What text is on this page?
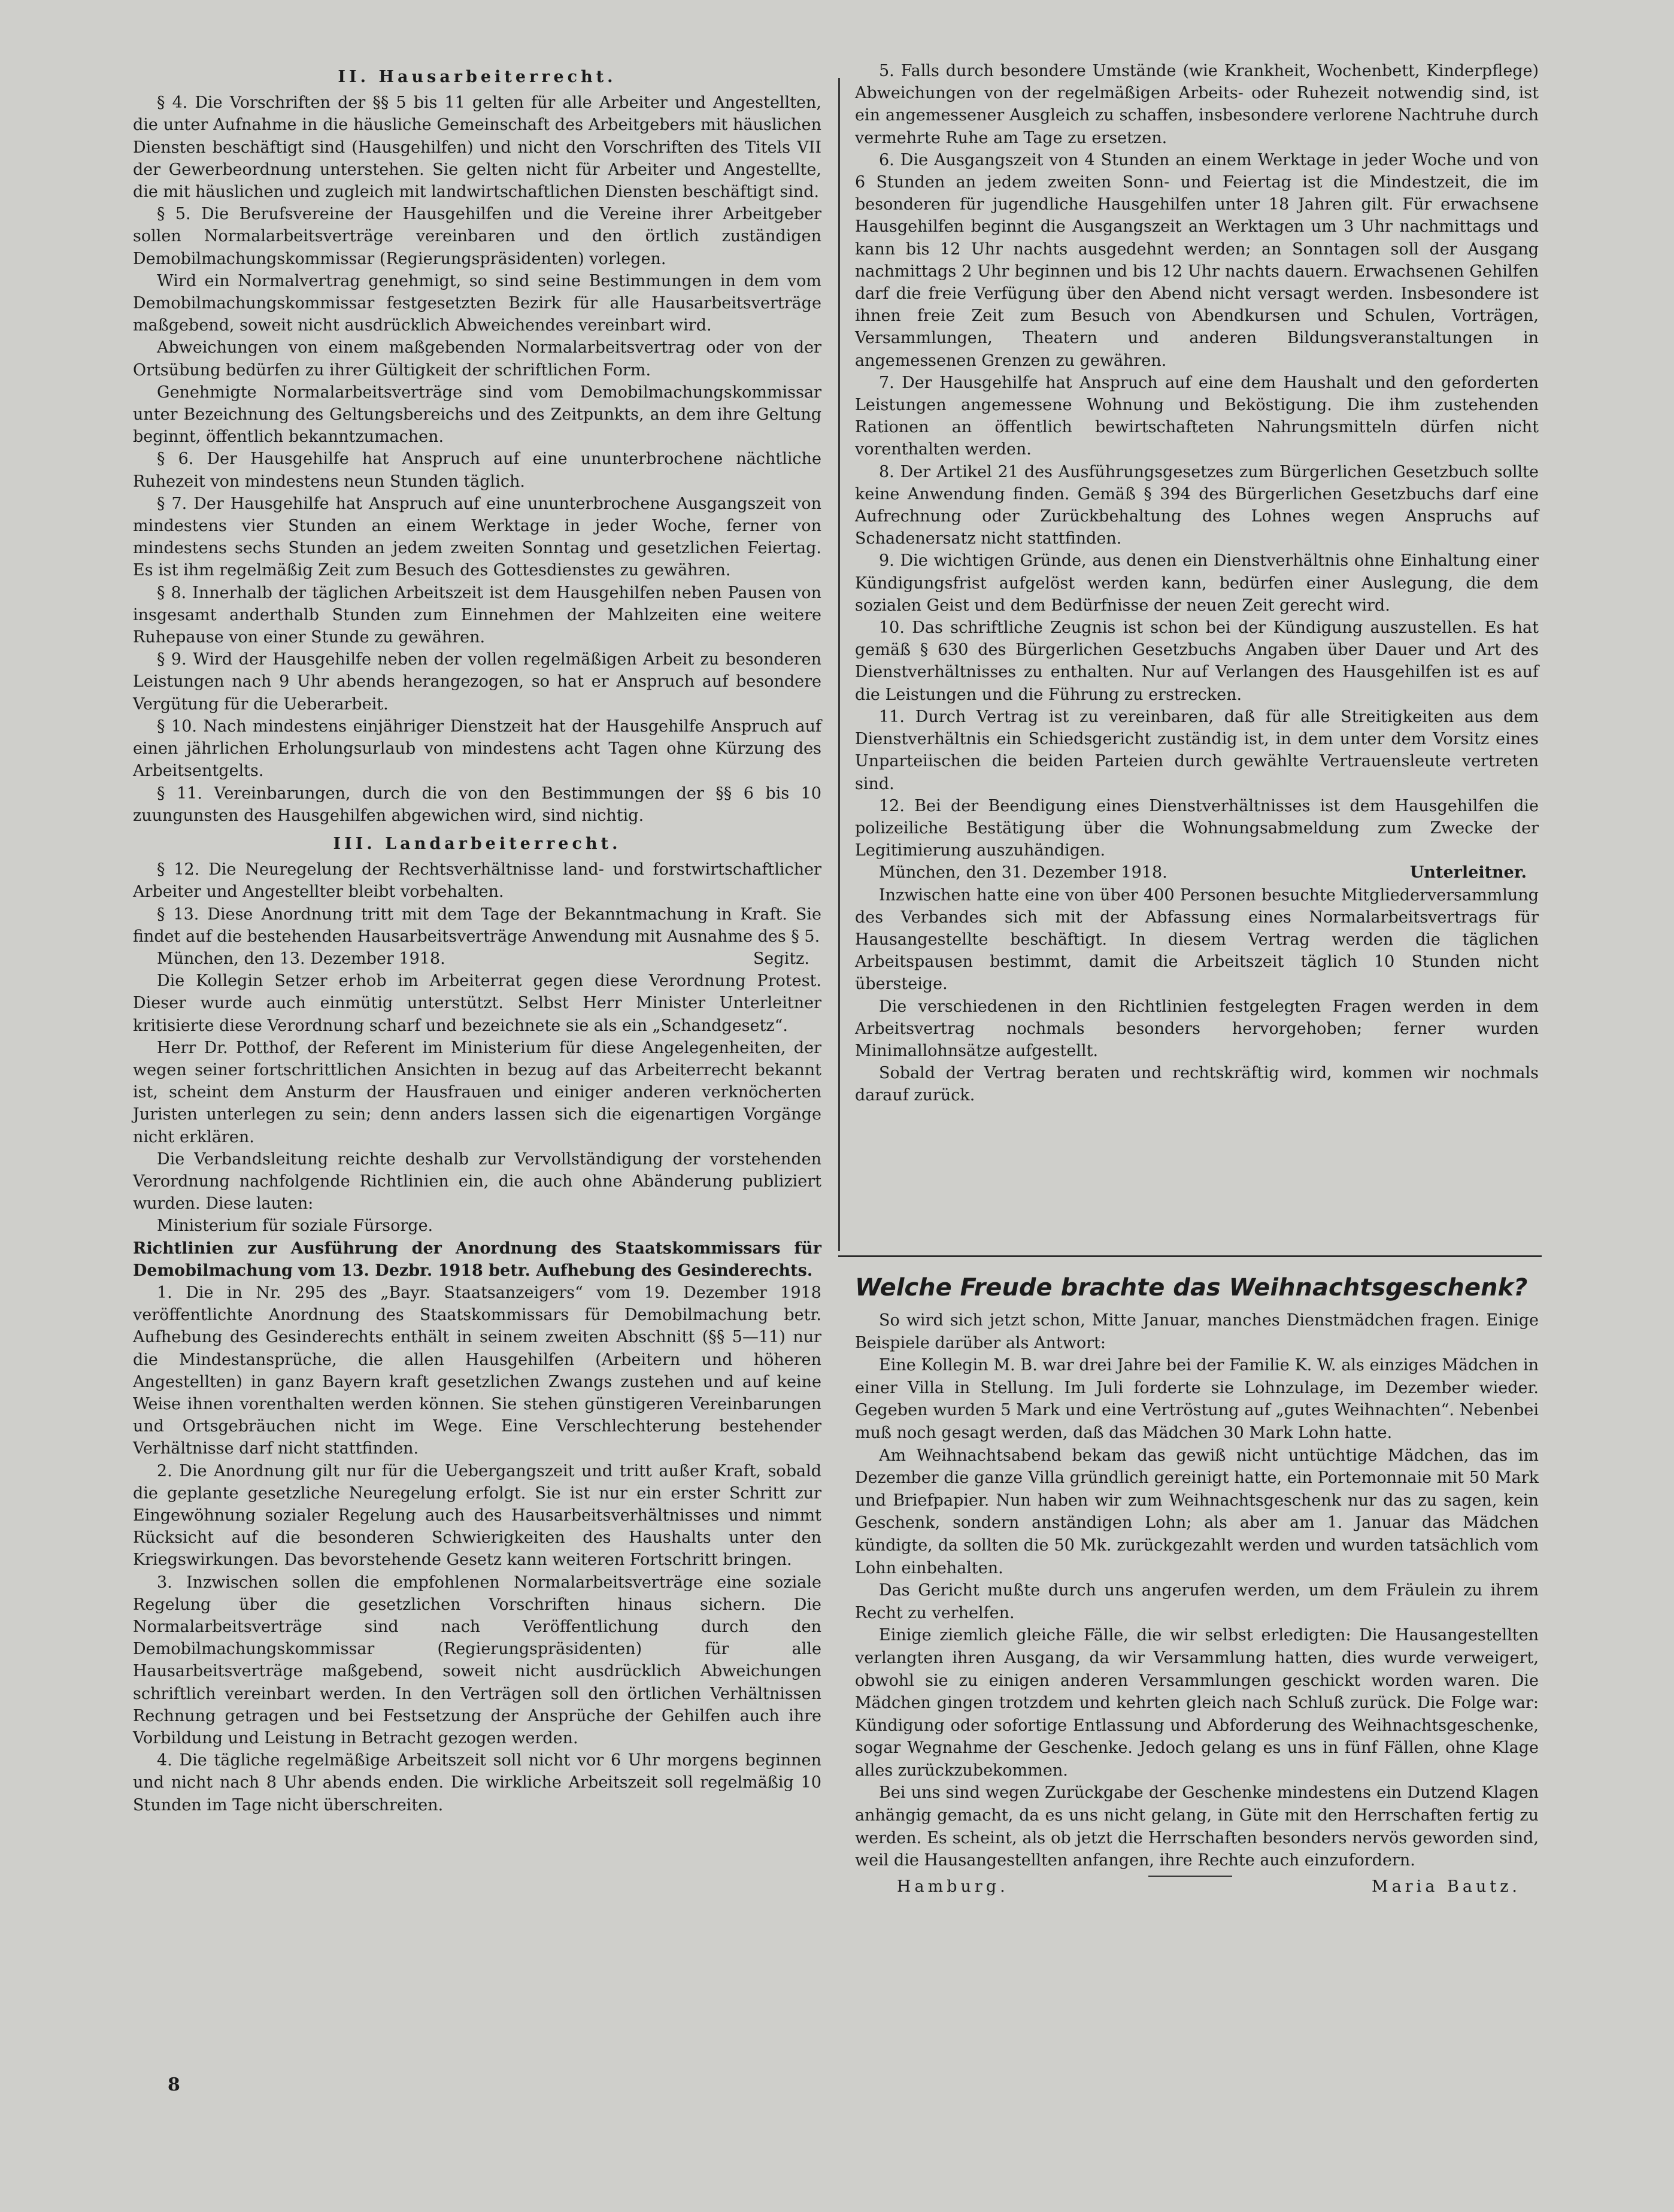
II. Hausarbeiterrecht.

§ 4. Die Vorschriften der §§ 5 bis 11 gelten für alle Arbeiter und Angestellten, die unter Aufnahme in die häusliche Gemeinschaft des Arbeitgebers mit häuslichen Diensten beschäftigt sind (Hausgehilfen) und nicht den Vorschriften des Titels VII der Gewerbeordnung unterstehen. Sie gelten nicht für Arbeiter und Angestellte, die mit häuslichen und zugleich mit landwirtschaftlichen Diensten beschäftigt sind.

§ 5. Die Berufsvereine der Hausgehilfen und die Vereine ihrer Arbeitgeber sollen Normalarbeitsverträge vereinbaren und den örtlich zuständigen Demobilmachungskommissar (Regierungspräsidenten) vorlegen.

Wird ein Normalvertrag genehmigt, so sind seine Bestimmungen in dem vom Demobilmachungskommissar festgesetzten Bezirk für alle Hausarbeitsverträge maßgebend, soweit nicht ausdrücklich Abweichendes vereinbart wird.

Abweichungen von einem maßgebenden Normalarbeitsvertrag oder von der Ortsübung bedürfen zu ihrer Gültigkeit der schriftlichen Form.

Genehmigte Normalarbeitsverträge sind vom Demobilmachungskommissar unter Bezeichnung des Geltungsbereichs und des Zeitpunkts, an dem ihre Geltung beginnt, öffentlich bekanntzumachen.

§ 6. Der Hausgehilfe hat Anspruch auf eine ununterbrochene nächtliche Ruhezeit von mindestens neun Stunden täglich.

§ 7. Der Hausgehilfe hat Anspruch auf eine ununterbrochene Ausgangszeit von mindestens vier Stunden an einem Werktage in jeder Woche, ferner von mindestens sechs Stunden an jedem zweiten Sonntag und gesetzlichen Feiertag. Es ist ihm regelmäßig Zeit zum Besuch des Gottesdienstes zu gewähren.

§ 8. Innerhalb der täglichen Arbeitszeit ist dem Hausgehilfen neben Pausen von insgesamt anderthalb Stunden zum Einnehmen der Mahlzeiten eine weitere Ruhepause von einer Stunde zu gewähren.

§ 9. Wird der Hausgehilfe neben der vollen regelmäßigen Arbeit zu besonderen Leistungen nach 9 Uhr abends herangezogen, so hat er Anspruch auf besondere Vergütung für die Ueberarbeit.

§ 10. Nach mindestens einjähriger Dienstzeit hat der Hausgehilfe Anspruch auf einen jährlichen Erholungsurlaub von mindestens acht Tagen ohne Kürzung des Arbeitsentgelts.

§ 11. Vereinbarungen, durch die von den Bestimmungen der §§ 6 bis 10 zuungunsten des Hausgehilfen abgewichen wird, sind nichtig.

III. Landarbeiterrecht.

§ 12. Die Neuregelung der Rechtsverhältnisse land- und forstwirtschaftlicher Arbeiter und Angestellter bleibt vorbehalten.

§ 13. Diese Anordnung tritt mit dem Tage der Bekanntmachung in Kraft. Sie findet auf die bestehenden Hausarbeitsverträge Anwendung mit Ausnahme des § 5.

München, den 13. Dezember 1918.	Segitz.

Die Kollegin Setzer erhob im Arbeiterrat gegen diese Verordnung Protest. Dieser wurde auch einmütig unterstützt. Selbst Herr Minister Unterleitner kritisierte diese Verordnung scharf und bezeichnete sie als ein „Schandgesetz“.

Herr Dr. Potthof, der Referent im Ministerium für diese Angelegenheiten, der wegen seiner fortschrittlichen Ansichten in bezug auf das Arbeiterrecht bekannt ist, scheint dem Ansturm der Hausfrauen und einiger anderen verknöcherten Juristen unterlegen zu sein; denn anders lassen sich die eigenartigen Vorgänge nicht erklären.

Die Verbandsleitung reichte deshalb zur Vervollständigung der vorstehenden Verordnung nachfolgende Richtlinien ein, die auch ohne Abänderung publiziert wurden. Diese lauten:

Ministerium für soziale Fürsorge.

Richtlinien zur Ausführung der Anordnung des Staatskommissars für Demobilmachung vom 13. Dezbr. 1918 betr. Aufhebung des Gesinderechts.

1. Die in Nr. 295 des „Bayr. Staatsanzeigers“ vom 19. Dezember 1918 veröffentlichte Anordnung des Staatskommissars für Demobilmachung betr. Aufhebung des Gesinderechts enthält in seinem zweiten Abschnitt (§§ 5—11) nur die Mindestansprüche, die allen Hausgehilfen (Arbeitern und höheren Angestellten) in ganz Bayern kraft gesetzlichen Zwangs zustehen und auf keine Weise ihnen vorenthalten werden können. Sie stehen günstigeren Vereinbarungen und Ortsgebräuchen nicht im Wege. Eine Verschlechterung bestehender Verhältnisse darf nicht stattfinden.

2. Die Anordnung gilt nur für die Uebergangszeit und tritt außer Kraft, sobald die geplante gesetzliche Neuregelung erfolgt. Sie ist nur ein erster Schritt zur Eingewöhnung sozialer Regelung auch des Hausarbeitsverhältnisses und nimmt Rücksicht auf die besonderen Schwierigkeiten des Haushalts unter den Kriegswirkungen. Das bevorstehende Gesetz kann weiteren Fortschritt bringen.

3. Inzwischen sollen die empfohlenen Normalarbeitsverträge eine soziale Regelung über die gesetzlichen Vorschriften hinaus sichern. Die Normalarbeitsverträge sind nach Veröffentlichung durch den Demobilmachungskommissar (Regierungspräsidenten) für alle Hausarbeitsverträge maßgebend, soweit nicht ausdrücklich Abweichungen schriftlich vereinbart werden. In den Verträgen soll den örtlichen Verhältnissen Rechnung getragen und bei Festsetzung der Ansprüche der Gehilfen auch ihre Vorbildung und Leistung in Betracht gezogen werden.

4. Die tägliche regelmäßige Arbeitszeit soll nicht vor 6 Uhr morgens beginnen und nicht nach 8 Uhr abends enden. Die wirkliche Arbeitszeit soll regelmäßig 10 Stunden im Tage nicht überschreiten.

5. Falls durch besondere Umstände (wie Krankheit, Wochenbett, Kinderpflege) Abweichungen von der regelmäßigen Arbeits- oder Ruhezeit notwendig sind, ist ein angemessener Ausgleich zu schaffen, insbesondere verlorene Nachtruhe durch vermehrte Ruhe am Tage zu ersetzen.

6. Die Ausgangszeit von 4 Stunden an einem Werktage in jeder Woche und von 6 Stunden an jedem zweiten Sonn- und Feiertag ist die Mindestzeit, die im besonderen für jugendliche Hausgehilfen unter 18 Jahren gilt. Für erwachsene Hausgehilfen beginnt die Ausgangszeit an Werktagen um 3 Uhr nachmittags und kann bis 12 Uhr nachts ausgedehnt werden; an Sonntagen soll der Ausgang nachmittags 2 Uhr beginnen und bis 12 Uhr nachts dauern. Erwachsenen Gehilfen darf die freie Verfügung über den Abend nicht versagt werden. Insbesondere ist ihnen freie Zeit zum Besuch von Abendkursen und Schulen, Vorträgen, Versammlungen, Theatern und anderen Bildungsveranstaltungen in angemessenen Grenzen zu gewähren.

7. Der Hausgehilfe hat Anspruch auf eine dem Haushalt und den geforderten Leistungen angemessene Wohnung und Beköstigung. Die ihm zustehenden Rationen an öffentlich bewirtschafteten Nahrungsmitteln dürfen nicht vorenthalten werden.

8. Der Artikel 21 des Ausführungsgesetzes zum Bürgerlichen Gesetzbuch sollte keine Anwendung finden. Gemäß § 394 des Bürgerlichen Gesetzbuchs darf eine Aufrechnung oder Zurückbehaltung des Lohnes wegen Anspruchs auf Schadenersatz nicht stattfinden.

9. Die wichtigen Gründe, aus denen ein Dienstverhältnis ohne Einhaltung einer Kündigungsfrist aufgelöst werden kann, bedürfen einer Auslegung, die dem sozialen Geist und dem Bedürfnisse der neuen Zeit gerecht wird.

10. Das schriftliche Zeugnis ist schon bei der Kündigung auszustellen. Es hat gemäß § 630 des Bürgerlichen Gesetzbuchs Angaben über Dauer und Art des Dienstverhältnisses zu enthalten. Nur auf Verlangen des Hausgehilfen ist es auf die Leistungen und die Führung zu erstrecken.

11. Durch Vertrag ist zu vereinbaren, daß für alle Streitigkeiten aus dem Dienstverhältnis ein Schiedsgericht zuständig ist, in dem unter dem Vorsitz eines Unparteiischen die beiden Parteien durch gewählte Vertrauensleute vertreten sind.

12. Bei der Beendigung eines Dienstverhältnisses ist dem Hausgehilfen die polizeiliche Bestätigung über die Wohnungsabmeldung zum Zwecke der Legitimierung auszuhändigen.

München, den 31. Dezember 1918.	Unterleitner.

Inzwischen hatte eine von über 400 Personen besuchte Mitgliederversammlung des Verbandes sich mit der Abfassung eines Normalarbeitsvertrags für Hausangestellte beschäftigt. In diesem Vertrag werden die täglichen Arbeitspausen bestimmt, damit die Arbeitszeit täglich 10 Stunden nicht übersteige.

Die verschiedenen in den Richtlinien festgelegten Fragen werden in dem Arbeitsvertrag nochmals besonders hervorgehoben; ferner wurden Minimallohnsätze aufgestellt.

Sobald der Vertrag beraten und rechtskräftig wird, kommen wir nochmals darauf zurück.

Welche Freude brachte das Weihnachtsgeschenk?

So wird sich jetzt schon, Mitte Januar, manches Dienstmädchen fragen. Einige Beispiele darüber als Antwort:

Eine Kollegin M. B. war drei Jahre bei der Familie K. W. als einziges Mädchen in einer Villa in Stellung. Im Juli forderte sie Lohnzulage, im Dezember wieder. Gegeben wurden 5 Mark und eine Vertröstung auf „gutes Weihnachten“. Nebenbei muß noch gesagt werden, daß das Mädchen 30 Mark Lohn hatte.

Am Weihnachtsabend bekam das gewiß nicht untüchtige Mädchen, das im Dezember die ganze Villa gründlich gereinigt hatte, ein Portemonnaie mit 50 Mark und Briefpapier. Nun haben wir zum Weihnachtsgeschenk nur das zu sagen, kein Geschenk, sondern anständigen Lohn; als aber am 1. Januar das Mädchen kündigte, da sollten die 50 Mk. zurückgezahlt werden und wurden tatsächlich vom Lohn einbehalten.

Das Gericht mußte durch uns angerufen werden, um dem Fräulein zu ihrem Recht zu verhelfen.

Einige ziemlich gleiche Fälle, die wir selbst erledigten: Die Hausangestellten verlangten ihren Ausgang, da wir Versammlung hatten, dies wurde verweigert, obwohl sie zu einigen anderen Versammlungen geschickt worden waren. Die Mädchen gingen trotzdem und kehrten gleich nach Schluß zurück. Die Folge war: Kündigung oder sofortige Entlassung und Abforderung des Weihnachtsgeschenke, sogar Wegnahme der Geschenke. Jedoch gelang es uns in fünf Fällen, ohne Klage alles zurückzubekommen.

Bei uns sind wegen Zurückgabe der Geschenke mindestens ein Dutzend Klagen anhängig gemacht, da es uns nicht gelang, in Güte mit den Herrschaften fertig zu werden. Es scheint, als ob jetzt die Herrschaften besonders nervös geworden sind, weil die Hausangestellten anfangen, ihre Rechte auch einzufordern.

Hamburg.	Maria Bautz.
8
